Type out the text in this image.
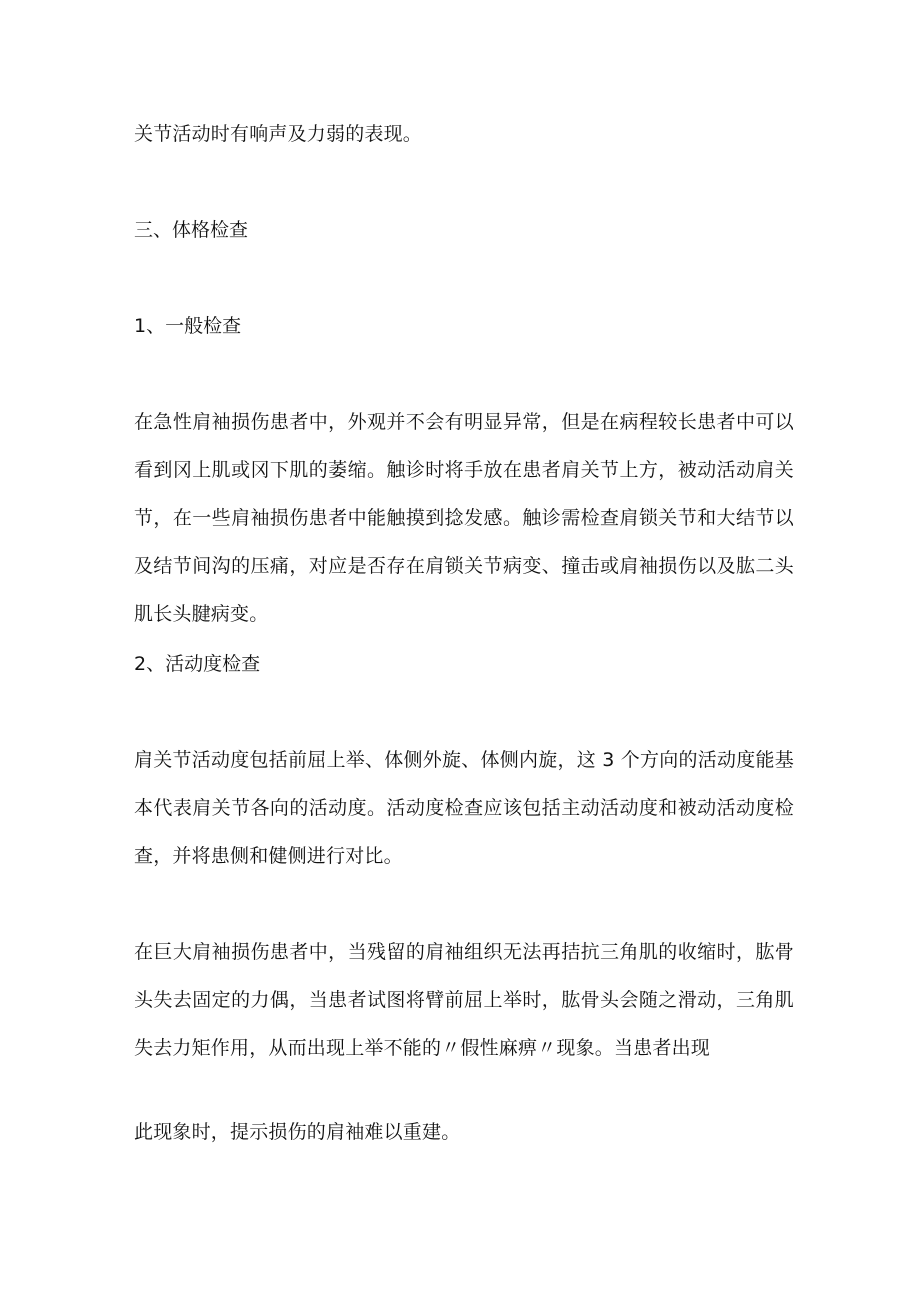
关节活动时有响声及力弱的表现。

三、体格检查

1、一般检查

在急性肩袖损伤患者中，外观并不会有明显异常，但是在病程较长患者中可以看到冈上肌或冈下肌的萎缩。触诊时将手放在患者肩关节上方，被动活动肩关节，在一些肩袖损伤患者中能触摸到捻发感。触诊需检查肩锁关节和大结节以及结节间沟的压痛，对应是否存在肩锁关节病变、撞击或肩袖损伤以及肱二头肌长头腱病变。

2、活动度检查

肩关节活动度包括前屈上举、体侧外旋、体侧内旋，这 3 个方向的活动度能基本代表肩关节各向的活动度。活动度检查应该包括主动活动度和被动活动度检查，并将患侧和健侧进行对比。

在巨大肩袖损伤患者中，当残留的肩袖组织无法再拮抗三角肌的收缩时，肱骨头失去固定的力偶，当患者试图将臂前屈上举时，肱骨头会随之滑动，三角肌失去力矩作用，从而出现上举不能的〃假性麻痹〃现象。当患者出现

此现象时，提示损伤的肩袖难以重建。
